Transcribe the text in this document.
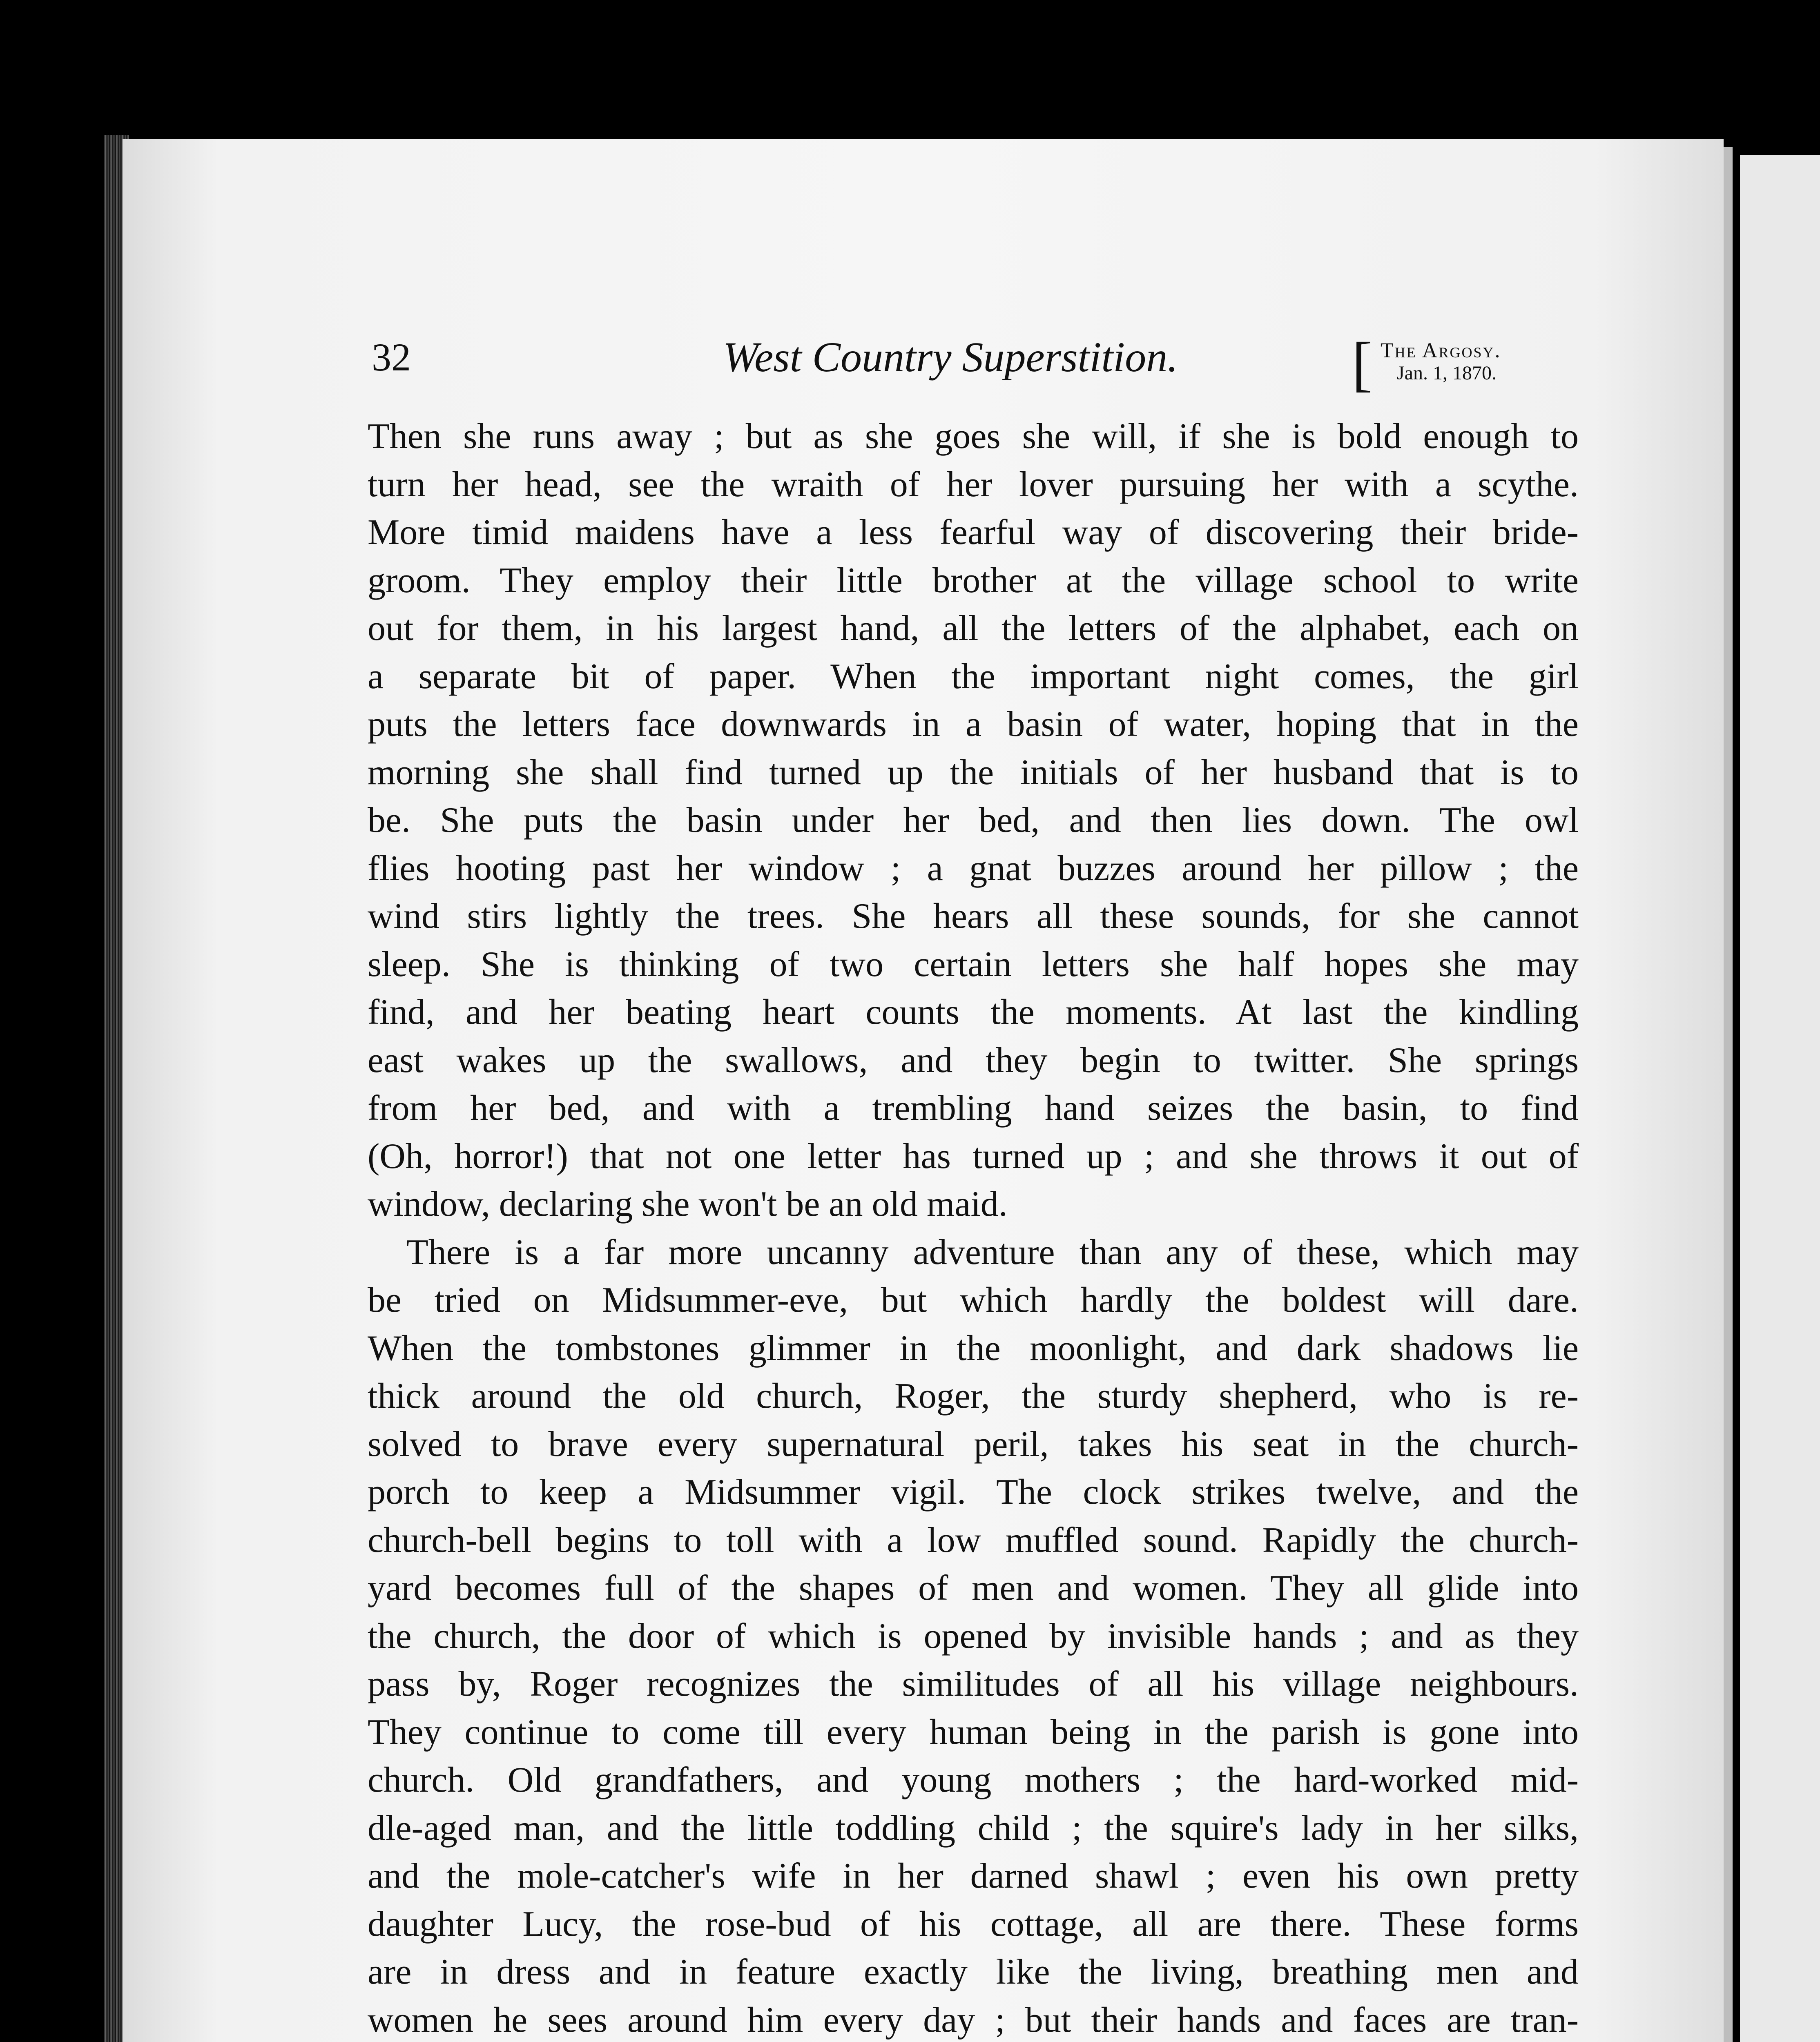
32	West Country Superstition.	[ The Argosy.
Jan. 1, 1870.
Then she runs away ; but as she goes she will, if she is bold enough to
turn her head, see the wraith of her lover pursuing her with a scythe.
More timid maidens have a less fearful way of discovering their bride-
groom. They employ their little brother at the village school to write
out for them, in his largest hand, all the letters of the alphabet, each on
a separate bit of paper. When the important night comes, the girl
puts the letters face downwards in a basin of water, hoping that in the
morning she shall find turned up the initials of her husband that is to
be. She puts the basin under her bed, and then lies down. The owl
flies hooting past her window ; a gnat buzzes around her pillow ; the
wind stirs lightly the trees. She hears all these sounds, for she cannot
sleep. She is thinking of two certain letters she half hopes she may
find, and her beating heart counts the moments. At last the kindling
east wakes up the swallows, and they begin to twitter. She springs
from her bed, and with a trembling hand seizes the basin, to find
(Oh, horror!) that not one letter has turned up ; and she throws it out of
window, declaring she won't be an old maid.
There is a far more uncanny adventure than any of these, which may
be tried on Midsummer-eve, but which hardly the boldest will dare.
When the tombstones glimmer in the moonlight, and dark shadows lie
thick around the old church, Roger, the sturdy shepherd, who is re-
solved to brave every supernatural peril, takes his seat in the church-
porch to keep a Midsummer vigil. The clock strikes twelve, and the
church-bell begins to toll with a low muffled sound. Rapidly the church-
yard becomes full of the shapes of men and women. They all glide into
the church, the door of which is opened by invisible hands ; and as they
pass by, Roger recognizes the similitudes of all his village neighbours.
They continue to come till every human being in the parish is gone into
church. Old grandfathers, and young mothers ; the hard-worked mid-
dle-aged man, and the little toddling child ; the squire's lady in her silks,
and the mole-catcher's wife in her darned shawl ; even his own pretty
daughter Lucy, the rose-bud of his cottage, all are there. These forms
are in dress and in feature exactly like the living, breathing men and
women he sees around him every day ; but their hands and faces are tran-
